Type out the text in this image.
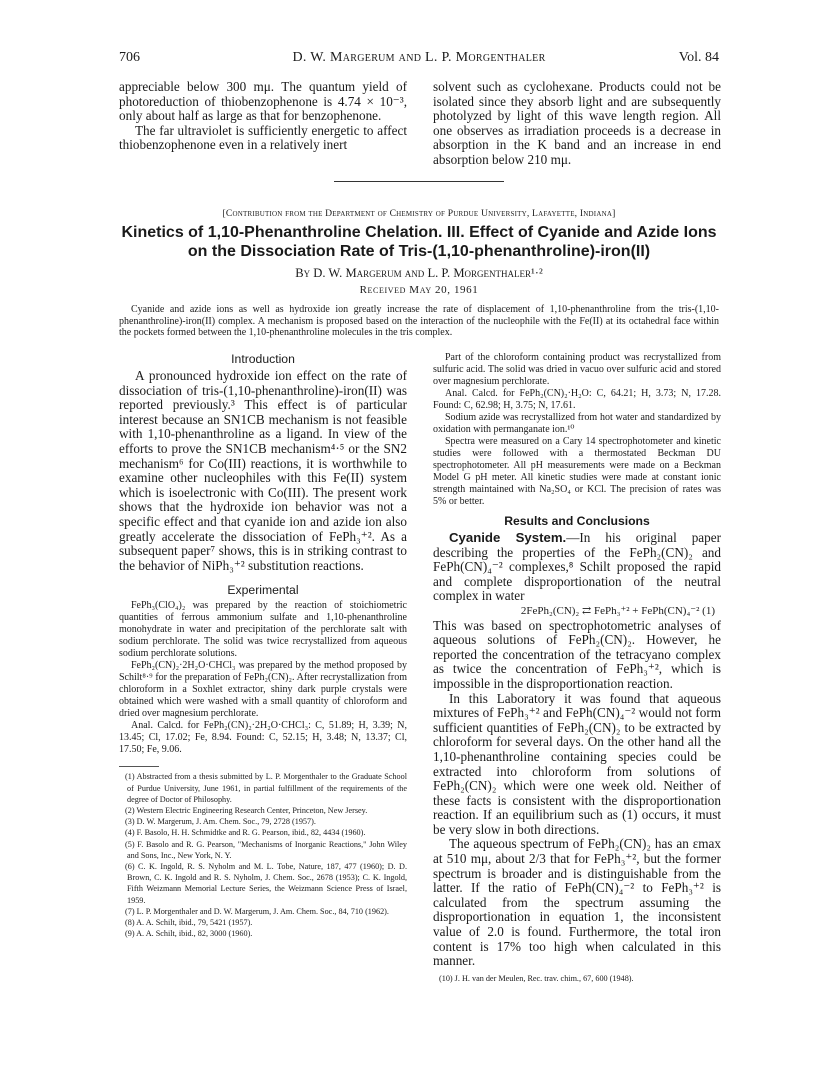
706	D. W. Margerum and L. P. Morgenthaler	Vol. 84

appreciable below 300 mμ. The quantum yield of photoreduction of thiobenzophenone is 4.74 × 10⁻³, only about half as large as that for benzophenone.

The far ultraviolet is sufficiently energetic to affect thiobenzophenone even in a relatively inert

solvent such as cyclohexane. Products could not be isolated since they absorb light and are subsequently photolyzed by light of this wave length region. All one observes as irradiation proceeds is a decrease in absorption in the K band and an increase in end absorption below 210 mμ.

[Contribution from the Department of Chemistry of Purdue University, Lafayette, Indiana]
Kinetics of 1,10-Phenanthroline Chelation. III. Effect of Cyanide and Azide Ions on the Dissociation Rate of Tris-(1,10-phenanthroline)-iron(II)
By D. W. Margerum and L. P. Morgenthaler¹·²
Received May 20, 1961
Cyanide and azide ions as well as hydroxide ion greatly increase the rate of displacement of 1,10-phenanthroline from the tris-(1,10-phenanthroline)-iron(II) complex. A mechanism is proposed based on the interaction of the nucleophile with the Fe(II) at its octahedral face within the pockets formed between the 1,10-phenanthroline molecules in the tris complex.

Introduction

A pronounced hydroxide ion effect on the rate of dissociation of tris-(1,10-phenanthroline)-iron(II) was reported previously.³ This effect is of particular interest because an SN1CB mechanism is not feasible with 1,10-phenanthroline as a ligand. In view of the efforts to prove the SN1CB mechanism⁴·⁵ or the SN2 mechanism⁶ for Co(III) reactions, it is worthwhile to examine other nucleophiles with this Fe(II) system which is isoelectronic with Co(III). The present work shows that the hydroxide ion behavior was not a specific effect and that cyanide ion and azide ion also greatly accelerate the dissociation of FePh₃⁺². As a subsequent paper⁷ shows, this is in striking contrast to the behavior of NiPh₃⁺² substitution reactions.

Experimental

FePh₃(ClO₄)₂ was prepared by the reaction of stoichiometric quantities of ferrous ammonium sulfate and 1,10-phenanthroline monohydrate in water and precipitation of the perchlorate salt with sodium perchlorate. The solid was twice recrystallized from aqueous sodium perchlorate solutions.

FePh₂(CN)₂·2H₂O·CHCl₃ was prepared by the method proposed by Schilt⁸·⁹ for the preparation of FePh₂(CN)₂. After recrystallization from chloroform in a Soxhlet extractor, shiny dark purple crystals were obtained which were washed with a small quantity of chloroform and dried over magnesium perchlorate.

Anal. Calcd. for FePh₂(CN)₂·2H₂O·CHCl₃: C, 51.89; H, 3.39; N, 13.45; Cl, 17.02; Fe, 8.94. Found: C, 52.15; H, 3.48; N, 13.37; Cl, 17.50; Fe, 9.06.

(1) Abstracted from a thesis submitted by L. P. Morgenthaler to the Graduate School of Purdue University, June 1961, in partial fulfillment of the requirements of the degree of Doctor of Philosophy.

(2) Western Electric Engineering Research Center, Princeton, New Jersey.

(3) D. W. Margerum, J. Am. Chem. Soc., 79, 2728 (1957).

(4) F. Basolo, H. H. Schmidtke and R. G. Pearson, ibid., 82, 4434 (1960).

(5) F. Basolo and R. G. Pearson, "Mechanisms of Inorganic Reactions," John Wiley and Sons, Inc., New York, N. Y.

(6) C. K. Ingold, R. S. Nyholm and M. L. Tobe, Nature, 187, 477 (1960); D. D. Brown, C. K. Ingold and R. S. Nyholm, J. Chem. Soc., 2678 (1953); C. K. Ingold, Fifth Weizmann Memorial Lecture Series, the Weizmann Science Press of Israel, 1959.

(7) L. P. Morgenthaler and D. W. Margerum, J. Am. Chem. Soc., 84, 710 (1962).

(8) A. A. Schilt, ibid., 79, 5421 (1957).

(9) A. A. Schilt, ibid., 82, 3000 (1960).

Part of the chloroform containing product was recrystallized from sulfuric acid. The solid was dried in vacuo over sulfuric acid and stored over magnesium perchlorate.

Anal. Calcd. for FePh₂(CN)₂·H₂O: C, 64.21; H, 3.73; N, 17.28. Found: C, 62.98; H, 3.75; N, 17.61.

Sodium azide was recrystallized from hot water and standardized by oxidation with permanganate ion.¹⁰

Spectra were measured on a Cary 14 spectrophotometer and kinetic studies were followed with a thermostated Beckman DU spectrophotometer. All pH measurements were made on a Beckman Model G pH meter. All kinetic studies were made at constant ionic strength maintained with Na₂SO₄ or KCl. The precision of rates was 5% or better.

Results and Conclusions

Cyanide System.—In his original paper describing the properties of the FePh₂(CN)₂ and FePh(CN)₄⁻² complexes,⁸ Schilt proposed the rapid and complete disproportionation of the neutral complex in water

2FePh₂(CN)₂ ⇄ FePh₃⁺² + FePh(CN)₄⁻² (1)

This was based on spectrophotometric analyses of aqueous solutions of FePh₂(CN)₂. However, he reported the concentration of the tetracyano complex as twice the concentration of FePh₃⁺², which is impossible in the disproportionation reaction.

In this Laboratory it was found that aqueous mixtures of FePh₃⁺² and FePh(CN)₄⁻² would not form sufficient quantities of FePh₂(CN)₂ to be extracted by chloroform for several days. On the other hand all the 1,10-phenanthroline containing species could be extracted into chloroform from solutions of FePh₂(CN)₂ which were one week old. Neither of these facts is consistent with the disproportionation reaction. If an equilibrium such as (1) occurs, it must be very slow in both directions.

The aqueous spectrum of FePh₂(CN)₂ has an εmax at 510 mμ, about 2/3 that for FePh₃⁺², but the former spectrum is broader and is distinguishable from the latter. If the ratio of FePh(CN)₄⁻² to FePh₃⁺² is calculated from the spectrum assuming the disproportionation in equation 1, the inconsistent value of 2.0 is found. Furthermore, the total iron content is 17% too high when calculated in this manner.

(10) J. H. van der Meulen, Rec. trav. chim., 67, 600 (1948).
